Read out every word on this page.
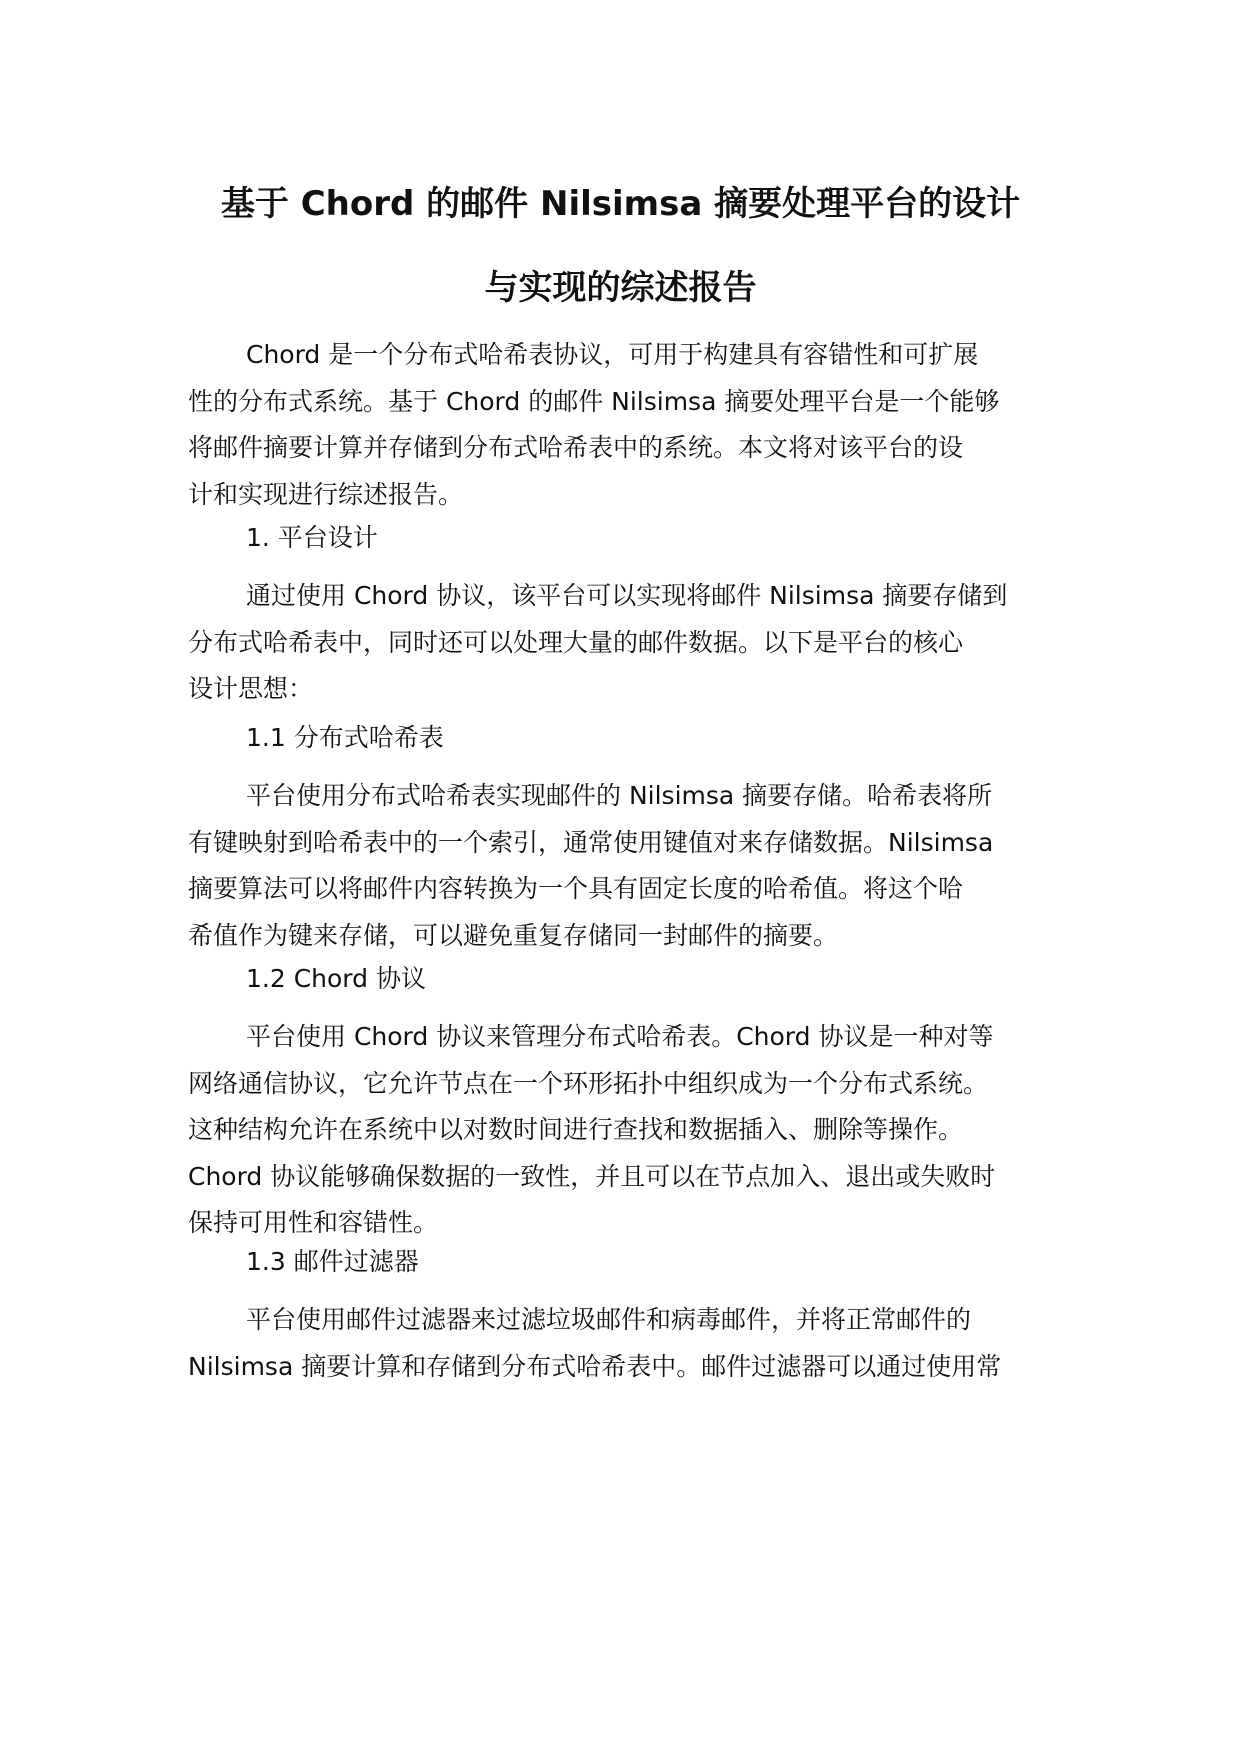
基于 Chord 的邮件 Nilsimsa 摘要处理平台的设计
与实现的综述报告

Chord 是一个分布式哈希表协议，可用于构建具有容错性和可扩展
性的分布式系统。基于 Chord 的邮件 Nilsimsa 摘要处理平台是一个能够
将邮件摘要计算并存储到分布式哈希表中的系统。本文将对该平台的设
计和实现进行综述报告。

1. 平台设计

通过使用 Chord 协议，该平台可以实现将邮件 Nilsimsa 摘要存储到
分布式哈希表中，同时还可以处理大量的邮件数据。以下是平台的核心
设计思想：

1.1 分布式哈希表

平台使用分布式哈希表实现邮件的 Nilsimsa 摘要存储。哈希表将所
有键映射到哈希表中的一个索引，通常使用键值对来存储数据。Nilsimsa
摘要算法可以将邮件内容转换为一个具有固定长度的哈希值。将这个哈
希值作为键来存储，可以避免重复存储同一封邮件的摘要。

1.2 Chord 协议

平台使用 Chord 协议来管理分布式哈希表。Chord 协议是一种对等
网络通信协议，它允许节点在一个环形拓扑中组织成为一个分布式系统。
这种结构允许在系统中以对数时间进行查找和数据插入、删除等操作。
Chord 协议能够确保数据的一致性，并且可以在节点加入、退出或失败时
保持可用性和容错性。

1.3 邮件过滤器

平台使用邮件过滤器来过滤垃圾邮件和病毒邮件，并将正常邮件的
Nilsimsa 摘要计算和存储到分布式哈希表中。邮件过滤器可以通过使用常
